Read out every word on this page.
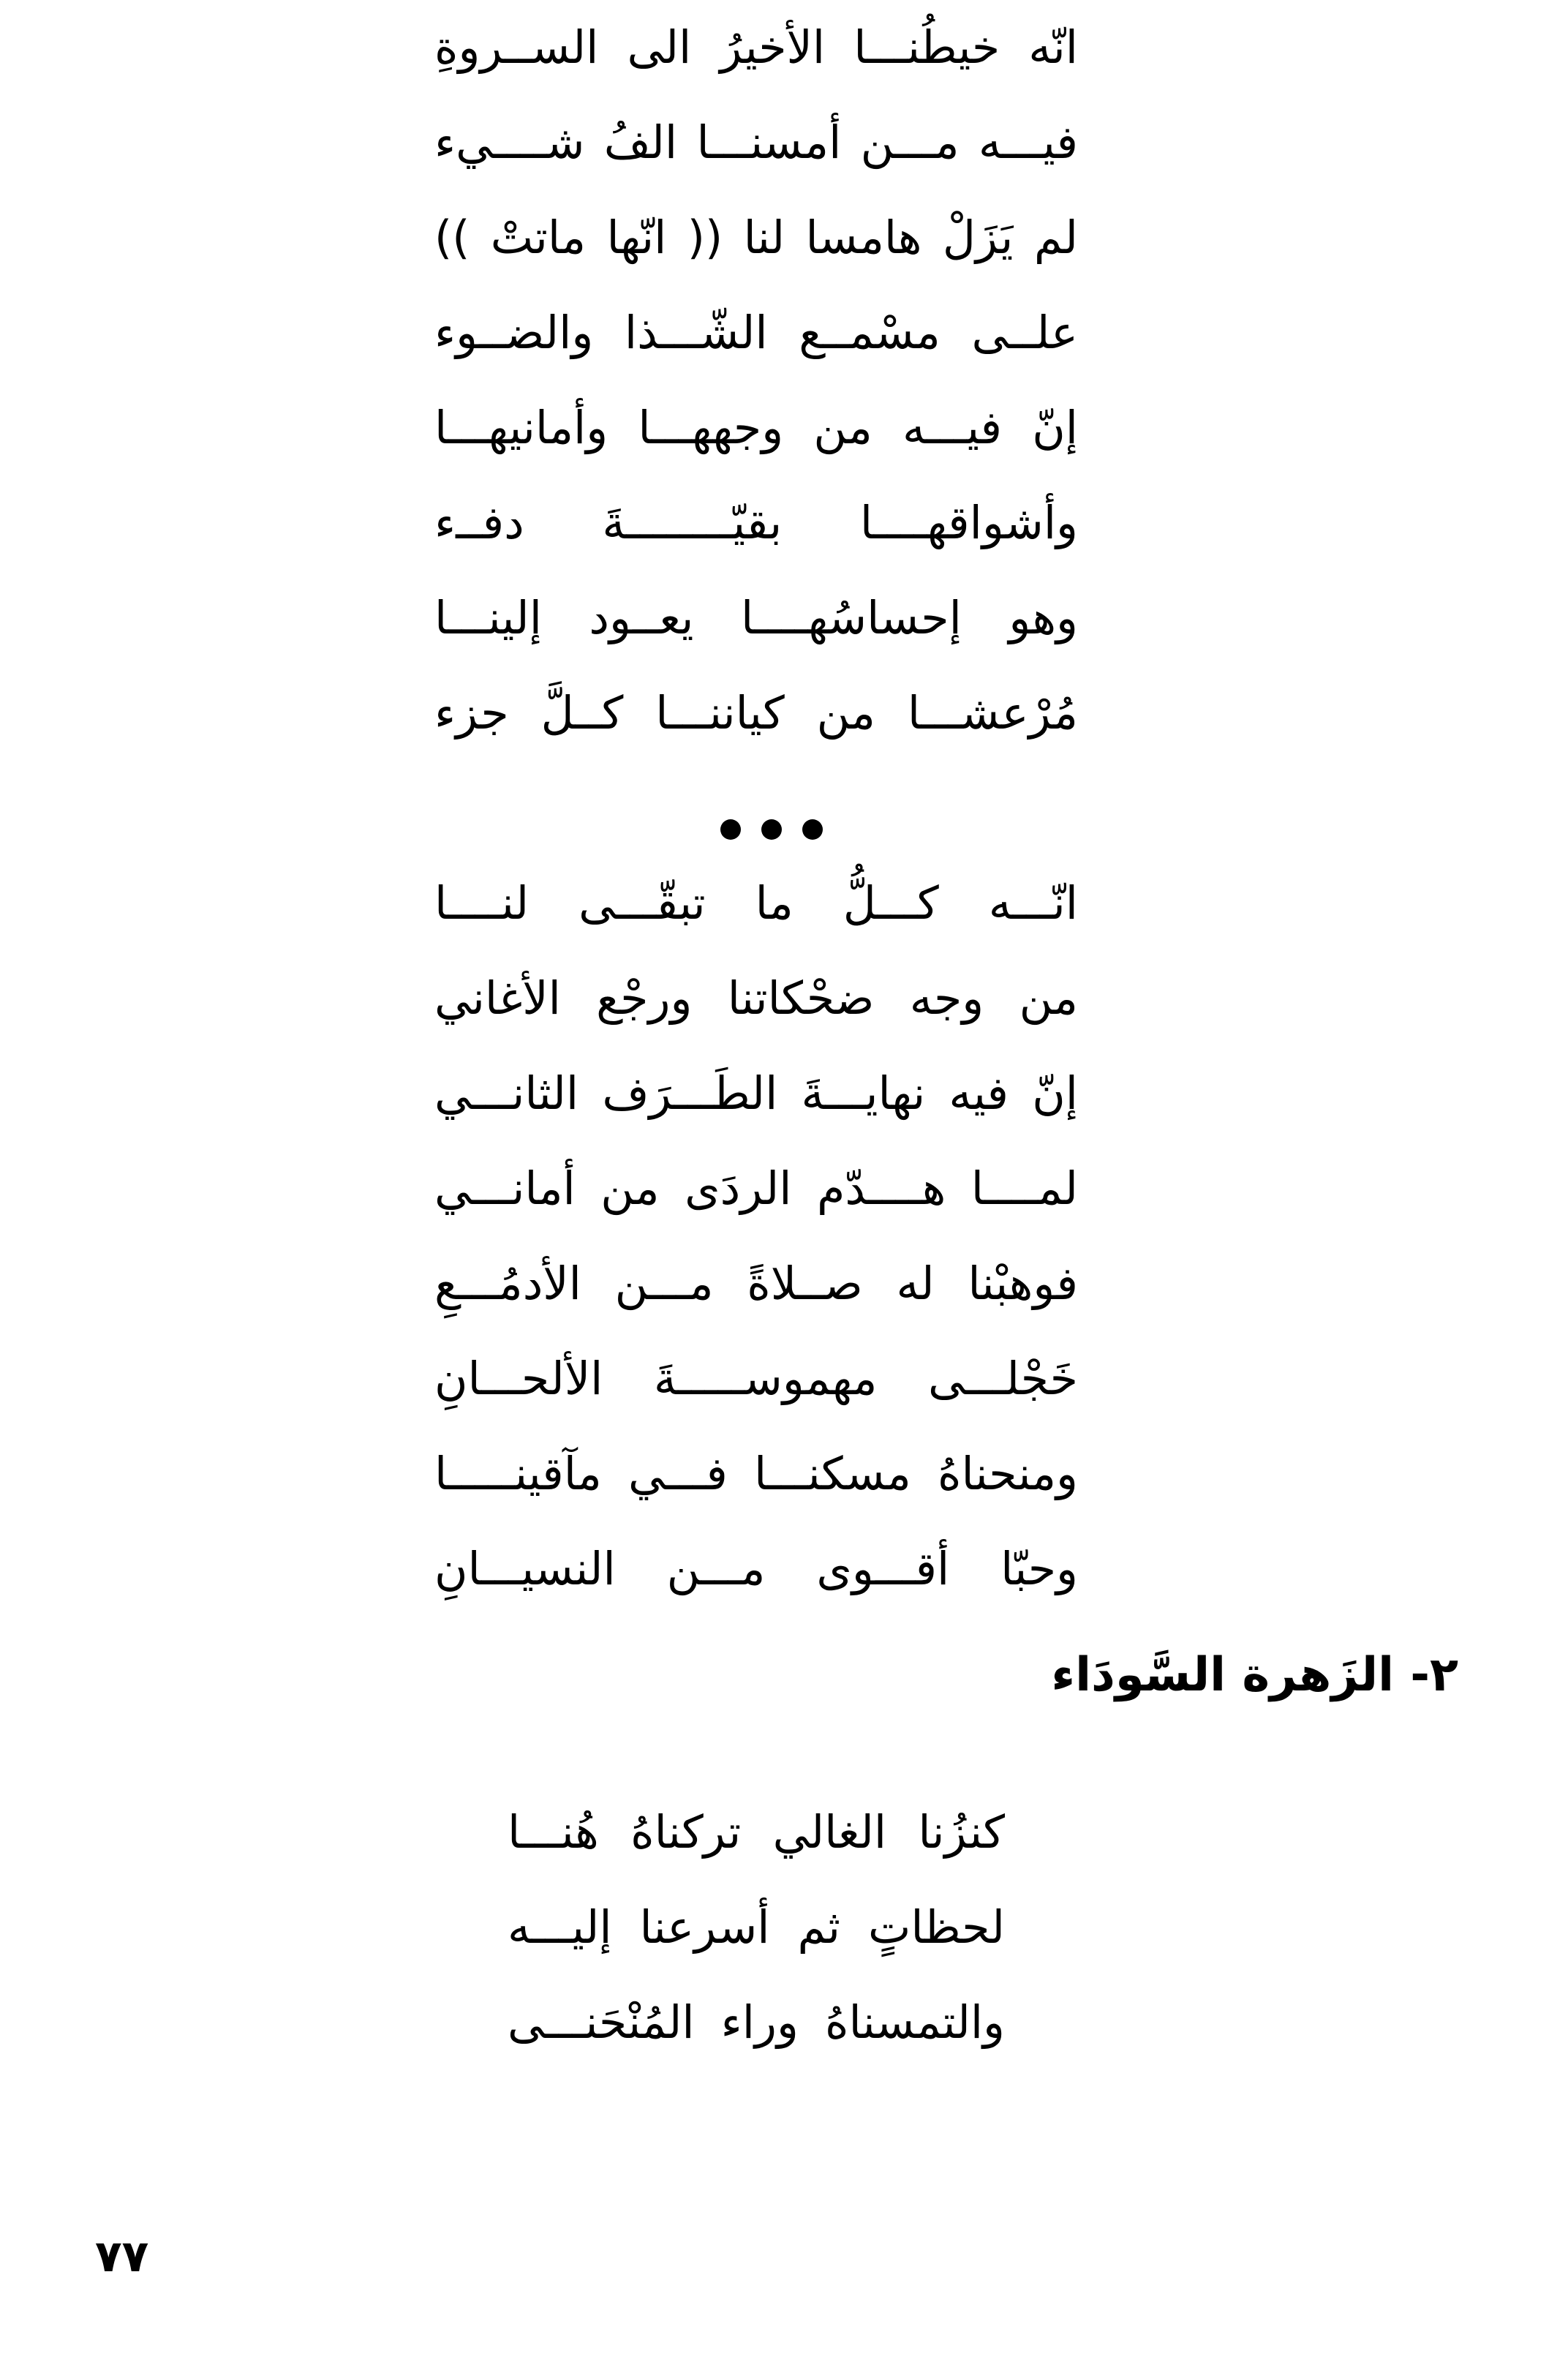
انّه خيطُنـــا الأخيرُ الى الســروةِ
فيـــه مـــن أمسنـــا الفُ شــــيء
لم يَزَلْ هامسا لنا (( انّها ماتتْ ))
علــى مسْمــع الشّـــذا والضــوء
إنّ فيـــه من وجههـــا وأمانيهـــا
وأشواقهــــا بقيّــــــــةَ دفــء
وهو إحساسُهــــا يعــود إلينـــا
مُرْعشـــا من كياننـــا كــلَّ جزء
انّـــه كـــلُّ ما تبقّـــى لنــــا
من وجه ضحْكاتنا ورجْع الأغاني
إنّ فيه نهايـــةَ الطَـــرَف الثانـــي
لمــــا هــــدّم الردَى من أمانـــي
فوهبْنا له صــلاةً مـــن الأدمُـــعِ
خَجْلـــى مهموســـــةَ الألحـــانِ
ومنحناهُ مسكنـــا فـــي مآقينـــــا
وحبّا أقـــوى مـــن النسيـــانِ
٢- الزَهرة السَّودَاء
كنزُنا الغالي تركناهُ هُنـــا
لحظاتٍ ثم أسرعنا إليـــه
والتمسناهُ وراء المُنْحَنـــى
٧٧
